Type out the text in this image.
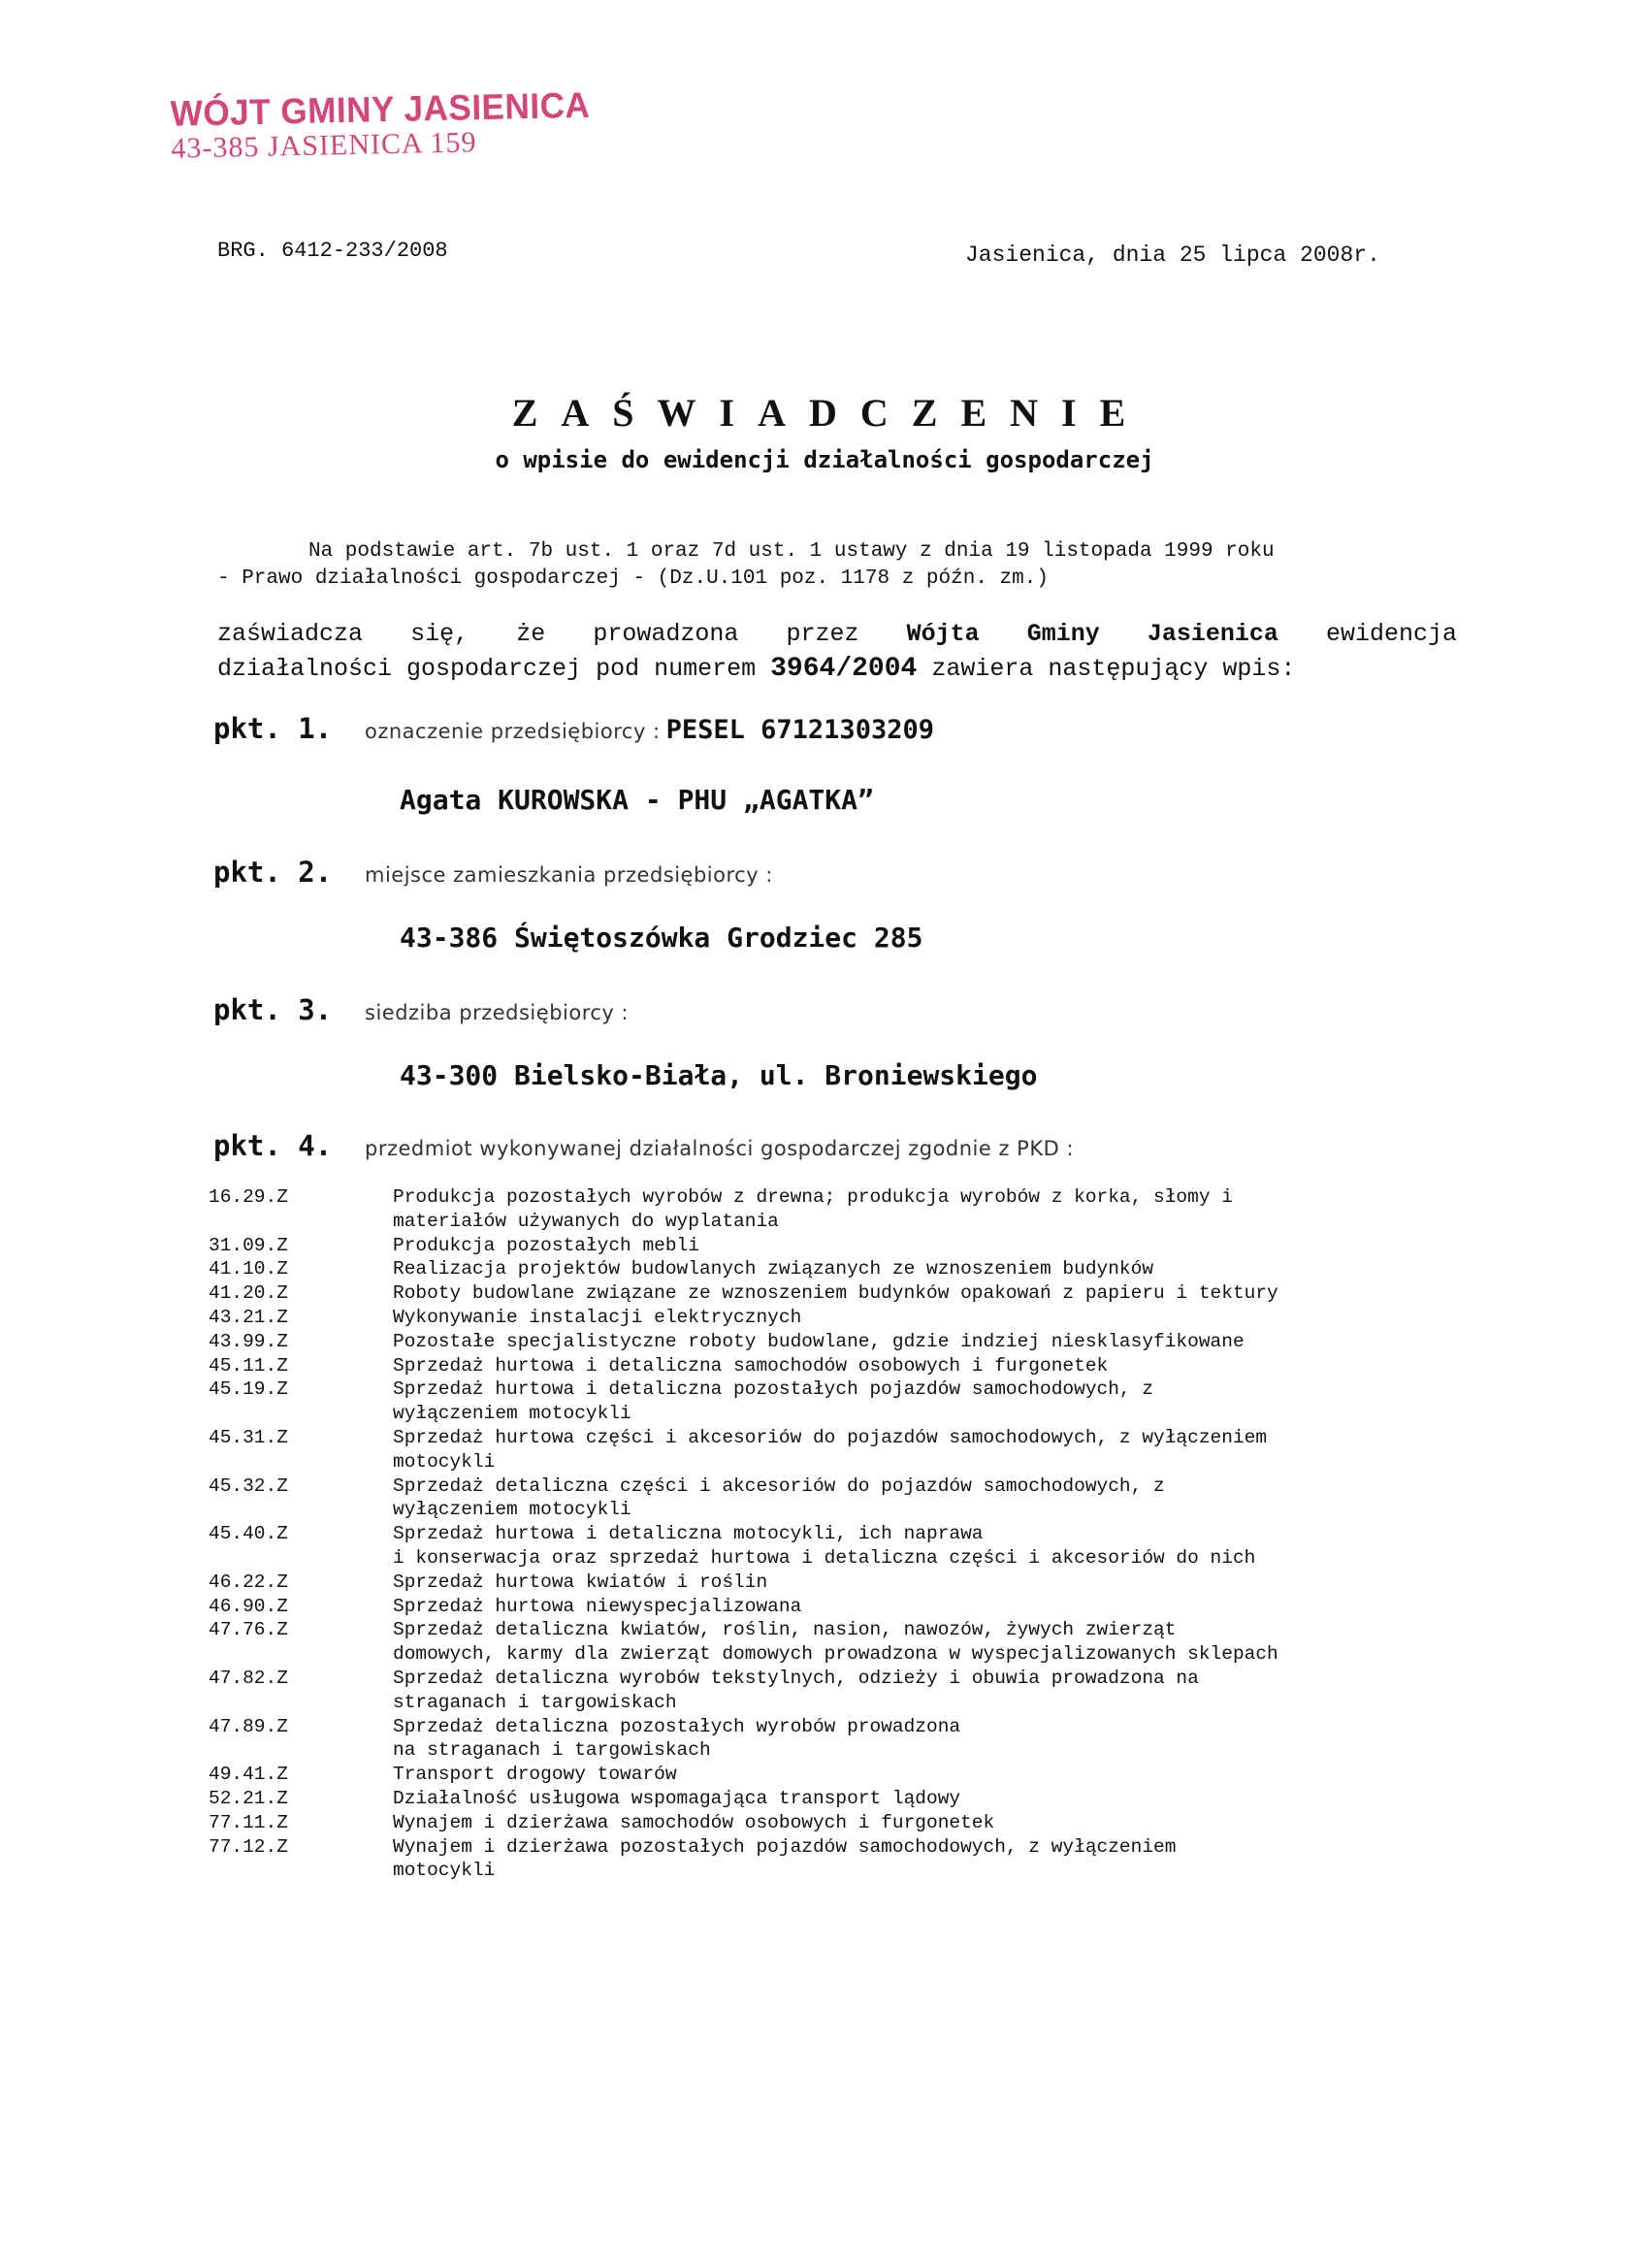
WÓJT GMINY JASIENICA
43-385 JASIENICA 159
BRG. 6412-233/2008	Jasienica, dnia 25 lipca 2008r.
ZAŚWIADCZENIE
o wpisie do ewidencji działalności gospodarczej
Na podstawie art. 7b ust. 1 oraz 7d ust. 1 ustawy z dnia 19 listopada 1999 roku
- Prawo działalności gospodarczej - (Dz.U.101 poz. 1178 z późn. zm.)
zaświadcza się, że prowadzona przez Wójta Gminy Jasienica ewidencja
działalności gospodarczej pod numerem 3964/2004 zawiera następujący wpis:
pkt. 1. oznaczenie przedsiębiorcy : PESEL 67121303209
Agata KUROWSKA - PHU „AGATKA”
pkt. 2. miejsce zamieszkania przedsiębiorcy :
43-386 Świętoszówka Grodziec 285
pkt. 3. siedziba przedsiębiorcy :
43-300 Bielsko-Biała, ul. Broniewskiego
pkt. 4. przedmiot wykonywanej działalności gospodarczej zgodnie z PKD :
16.29.Z	Produkcja pozostałych wyrobów z drewna; produkcja wyrobów z korka, słomy i
materiałów używanych do wyplatania
31.09.Z	Produkcja pozostałych mebli
41.10.Z	Realizacja projektów budowlanych związanych ze wznoszeniem budynków
41.20.Z	Roboty budowlane związane ze wznoszeniem budynków opakowań z papieru i tektury
43.21.Z	Wykonywanie instalacji elektrycznych
43.99.Z	Pozostałe specjalistyczne roboty budowlane, gdzie indziej niesklasyfikowane
45.11.Z	Sprzedaż hurtowa i detaliczna samochodów osobowych i furgonetek
45.19.Z	Sprzedaż hurtowa i detaliczna pozostałych pojazdów samochodowych, z
wyłączeniem motocykli
45.31.Z	Sprzedaż hurtowa części i akcesoriów do pojazdów samochodowych, z wyłączeniem
motocykli
45.32.Z	Sprzedaż detaliczna części i akcesoriów do pojazdów samochodowych, z
wyłączeniem motocykli
45.40.Z	Sprzedaż hurtowa i detaliczna motocykli, ich naprawa
i konserwacja oraz sprzedaż hurtowa i detaliczna części i akcesoriów do nich
46.22.Z	Sprzedaż hurtowa kwiatów i roślin
46.90.Z	Sprzedaż hurtowa niewyspecjalizowana
47.76.Z	Sprzedaż detaliczna kwiatów, roślin, nasion, nawozów, żywych zwierząt
domowych, karmy dla zwierząt domowych prowadzona w wyspecjalizowanych sklepach
47.82.Z	Sprzedaż detaliczna wyrobów tekstylnych, odzieży i obuwia prowadzona na
straganach i targowiskach
47.89.Z	Sprzedaż detaliczna pozostałych wyrobów prowadzona
na straganach i targowiskach
49.41.Z	Transport drogowy towarów
52.21.Z	Działalność usługowa wspomagająca transport lądowy
77.11.Z	Wynajem i dzierżawa samochodów osobowych i furgonetek
77.12.Z	Wynajem i dzierżawa pozostałych pojazdów samochodowych, z wyłączeniem
motocykli
